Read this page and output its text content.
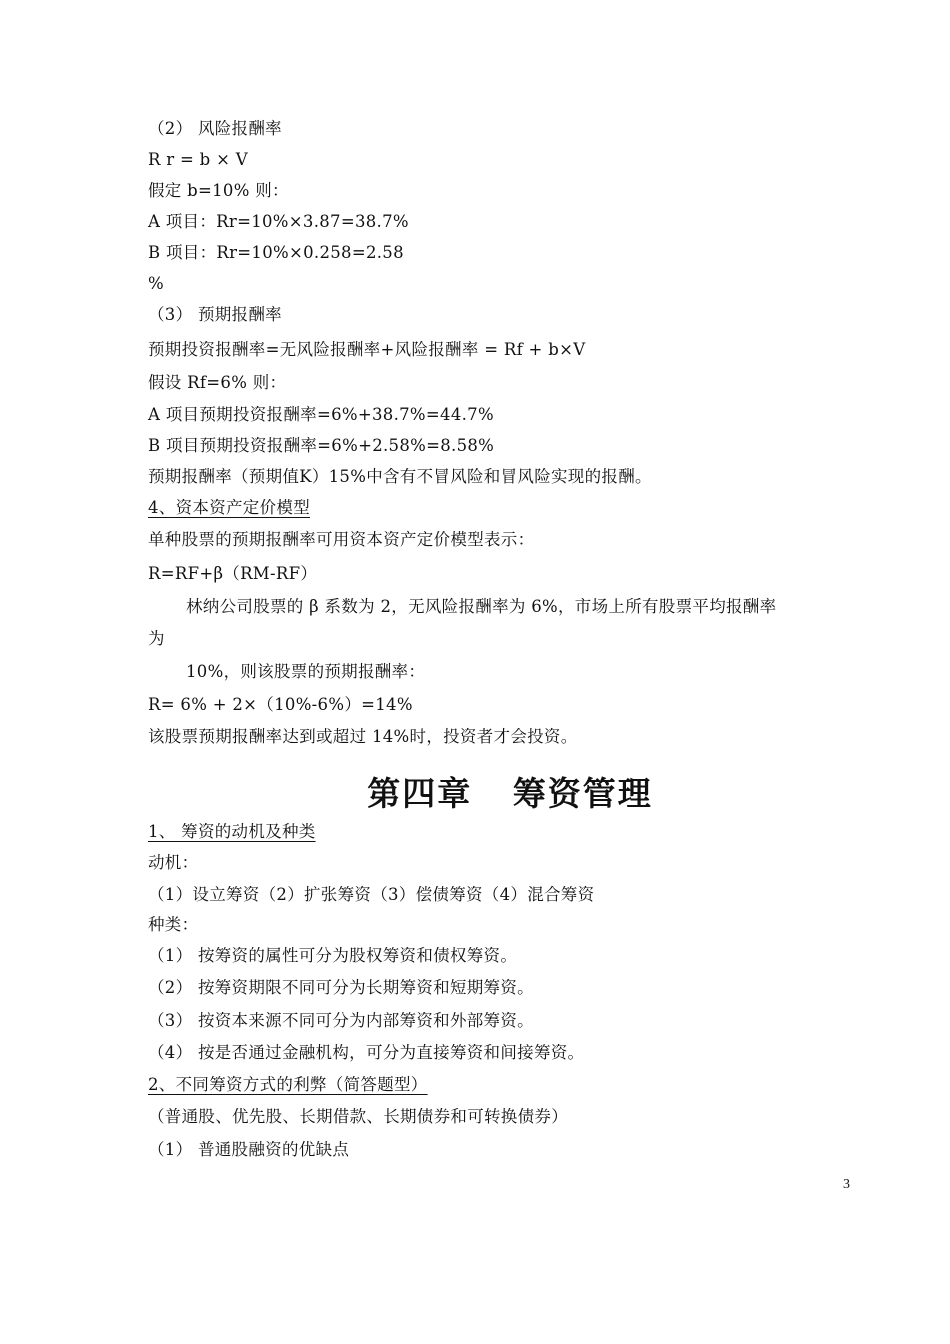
（2） 风险报酬率
R r = b × V
假定 b=10% 则：
A 项目：Rr=10%×3.87=38.7%
B 项目：Rr=10%×0.258=2.58
%
（3） 预期报酬率
预期投资报酬率=无风险报酬率+风险报酬率 = Rf + b×V
假设 Rf=6% 则：
A 项目预期投资报酬率=6%+38.7%=44.7%
B 项目预期投资报酬率=6%+2.58%=8.58%
预期报酬率（预期值K）15%中含有不冒风险和冒风险实现的报酬。
4、资本资产定价模型
单种股票的预期报酬率可用资本资产定价模型表示：
R=RF+β（RM-RF）
林纳公司股票的 β 系数为 2，无风险报酬率为 6%，市场上所有股票平均报酬率
为
10%，则该股票的预期报酬率：
R= 6% + 2×（10%-6%）=14%
该股票预期报酬率达到或超过 14%时，投资者才会投资。
第四章   筹资管理
1、 筹资的动机及种类
动机：
（1）设立筹资（2）扩张筹资（3）偿债筹资（4）混合筹资
种类：
（1） 按筹资的属性可分为股权筹资和债权筹资。
（2） 按筹资期限不同可分为长期筹资和短期筹资。
（3） 按资本来源不同可分为内部筹资和外部筹资。
（4） 按是否通过金融机构，可分为直接筹资和间接筹资。
2、不同筹资方式的利弊（简答题型）
（普通股、优先股、长期借款、长期债券和可转换债券）
（1） 普通股融资的优缺点
3
